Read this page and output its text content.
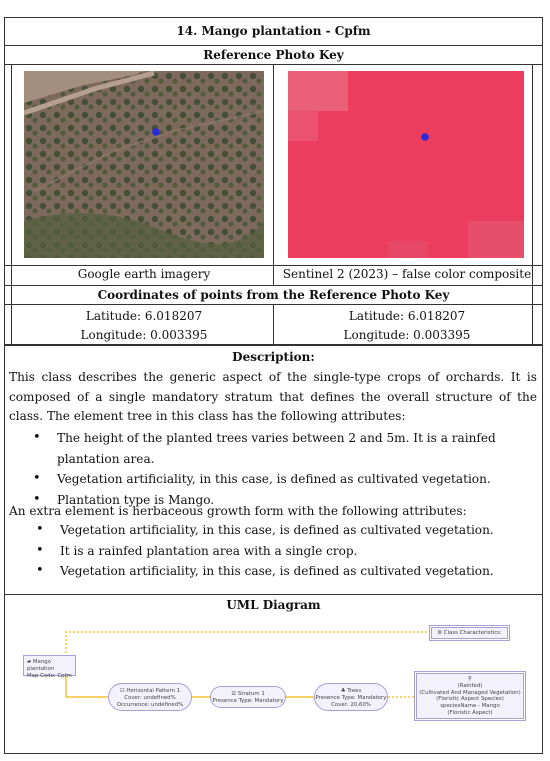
14. Mango plantation - Cpfm
Reference Photo Key
Google earth imagery	Sentinel 2 (2023) – false color composite
Coordinates of points from the Reference Photo Key
Latitude: 6.018207
Longitude: 0.003395
Latitude: 6.018207
Longitude: 0.003395
Description:

This class describes the generic aspect of the single-type crops of orchards. It is composed of a single mandatory stratum that defines the overall structure of the class. The element tree in this class has the following attributes:

• The height of the planted trees varies between 2 and 5m. It is a rainfed plantation area.
• Vegetation artificiality, in this case, is defined as cultivated vegetation.
• Plantation type is Mango.
An extra element is herbaceous growth form with the following attributes:
• Vegetation artificiality, in this case, is defined as cultivated vegetation.
• It is a rainfed plantation area with a single crop.
• Vegetation artificiality, in this case, is defined as cultivated vegetation.
UML Diagram
▰ Mango plantation
Map Code: Cpfm
⚙ Class Characteristics:
☷ Horizontal Pattern 1
Cover: undefined%
Occurrence: undefined%
☰ Stratum 1
Presence Type: Mandatory
♣ Trees
Presence Type: Mandatory
Cover: 20,60%
⚲
(Rainfed)
(Cultivated And Managed Vegetation)
(Floristic Aspect Species)
speciesName - Mango
(Floristic Aspect)
